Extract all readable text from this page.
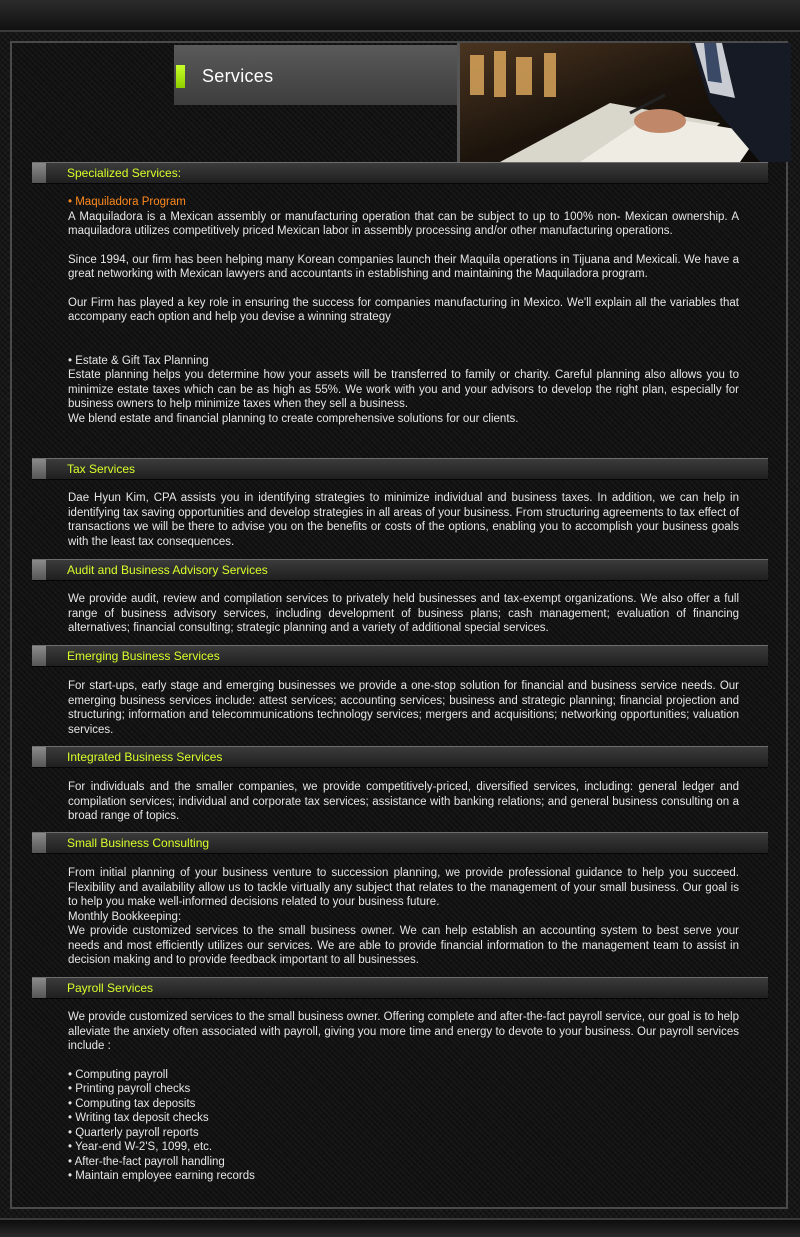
Services
Specialized Services:

• Maquiladora Program

A Maquiladora is a Mexican assembly or manufacturing operation that can be subject to up to 100% non- Mexican ownership. A maquiladora utilizes competitively priced Mexican labor in assembly processing and/or other manufacturing operations.

Since 1994, our firm has been helping many Korean companies launch their Maquila operations in Tijuana and Mexicali. We have a great networking with Mexican lawyers and accountants in establishing and maintaining the Maquiladora program.

Our Firm has played a key role in ensuring the success for companies manufacturing in Mexico. We'll explain all the variables that accompany each option and help you devise a winning strategy

• Estate & Gift Tax Planning

Estate planning helps you determine how your assets will be transferred to family or charity. Careful planning also allows you to minimize estate taxes which can be as high as 55%. We work with you and your advisors to develop the right plan, especially for business owners to help minimize taxes when they sell a business.

We blend estate and financial planning to create comprehensive solutions for our clients.

Tax Services

Dae Hyun Kim, CPA assists you in identifying strategies to minimize individual and business taxes. In addition, we can help in identifying tax saving opportunities and develop strategies in all areas of your business. From structuring agreements to tax effect of transactions we will be there to advise you on the benefits or costs of the options, enabling you to accomplish your business goals with the least tax consequences.

Audit and Business Advisory Services

We provide audit, review and compilation services to privately held businesses and tax-exempt organizations. We also offer a full range of business advisory services, including development of business plans; cash management; evaluation of financing alternatives; financial consulting; strategic planning and a variety of additional special services.

Emerging Business Services

For start-ups, early stage and emerging businesses we provide a one-stop solution for financial and business service needs. Our emerging business services include: attest services; accounting services; business and strategic planning; financial projection and structuring; information and telecommunications technology services; mergers and acquisitions; networking opportunities; valuation services.

Integrated Business Services

For individuals and the smaller companies, we provide competitively-priced, diversified services, including: general ledger and compilation services; individual and corporate tax services; assistance with banking relations; and general business consulting on a broad range of topics.

Small Business Consulting

From initial planning of your business venture to succession planning, we provide professional guidance to help you succeed. Flexibility and availability allow us to tackle virtually any subject that relates to the management of your small business. Our goal is to help you make well-informed decisions related to your business future.

Monthly Bookkeeping:

We provide customized services to the small business owner. We can help establish an accounting system to best serve your needs and most efficiently utilizes our services. We are able to provide financial information to the management team to assist in decision making and to provide feedback important to all businesses.

Payroll Services

We provide customized services to the small business owner. Offering complete and after-the-fact payroll service, our goal is to help alleviate the anxiety often associated with payroll, giving you more time and energy to devote to your business. Our payroll services include :

• Computing payroll
• Printing payroll checks
• Computing tax deposits
• Writing tax deposit checks
• Quarterly payroll reports
• Year-end W-2'S, 1099, etc.
• After-the-fact payroll handling
• Maintain employee earning records
